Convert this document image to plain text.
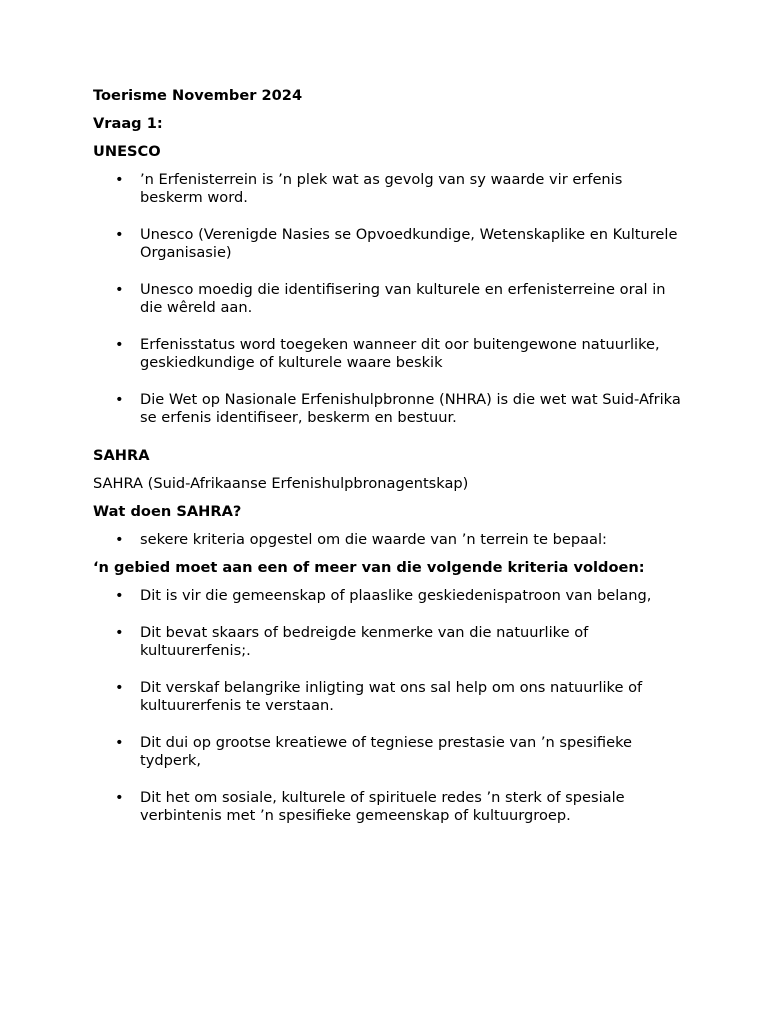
Toerisme November 2024

Vraag 1:

UNESCO

• ’n Erfenisterrein is ’n plek wat as gevolg van sy waarde vir erfenis beskerm word.
• Unesco (Verenigde Nasies se Opvoedkundige, Wetenskaplike en Kulturele Organisasie)
• Unesco moedig die identifisering van kulturele en erfenisterreine oral in die wêreld aan.
• Erfenisstatus word toegeken wanneer dit oor buitengewone natuurlike, geskiedkundige of kulturele waare beskik
• Die Wet op Nasionale Erfenishulpbronne (NHRA) is die wet wat Suid-Afrika se erfenis identifiseer, beskerm en bestuur.

SAHRA

SAHRA (Suid-Afrikaanse Erfenishulpbronagentskap)

Wat doen SAHRA?

• sekere kriteria opgestel om die waarde van ’n terrein te bepaal:

‘n gebied moet aan een of meer van die volgende kriteria voldoen:

• Dit is vir die gemeenskap of plaaslike geskiedenispatroon van belang,
• Dit bevat skaars of bedreigde kenmerke van die natuurlike of kultuurerfenis;.
• Dit verskaf belangrike inligting wat ons sal help om ons natuurlike of kultuurerfenis te verstaan.
• Dit dui op grootse kreatiewe of tegniese prestasie van ’n spesifieke tydperk,
• Dit het om sosiale, kulturele of spirituele redes ’n sterk of spesiale verbintenis met ’n spesifieke gemeenskap of kultuurgroep.
